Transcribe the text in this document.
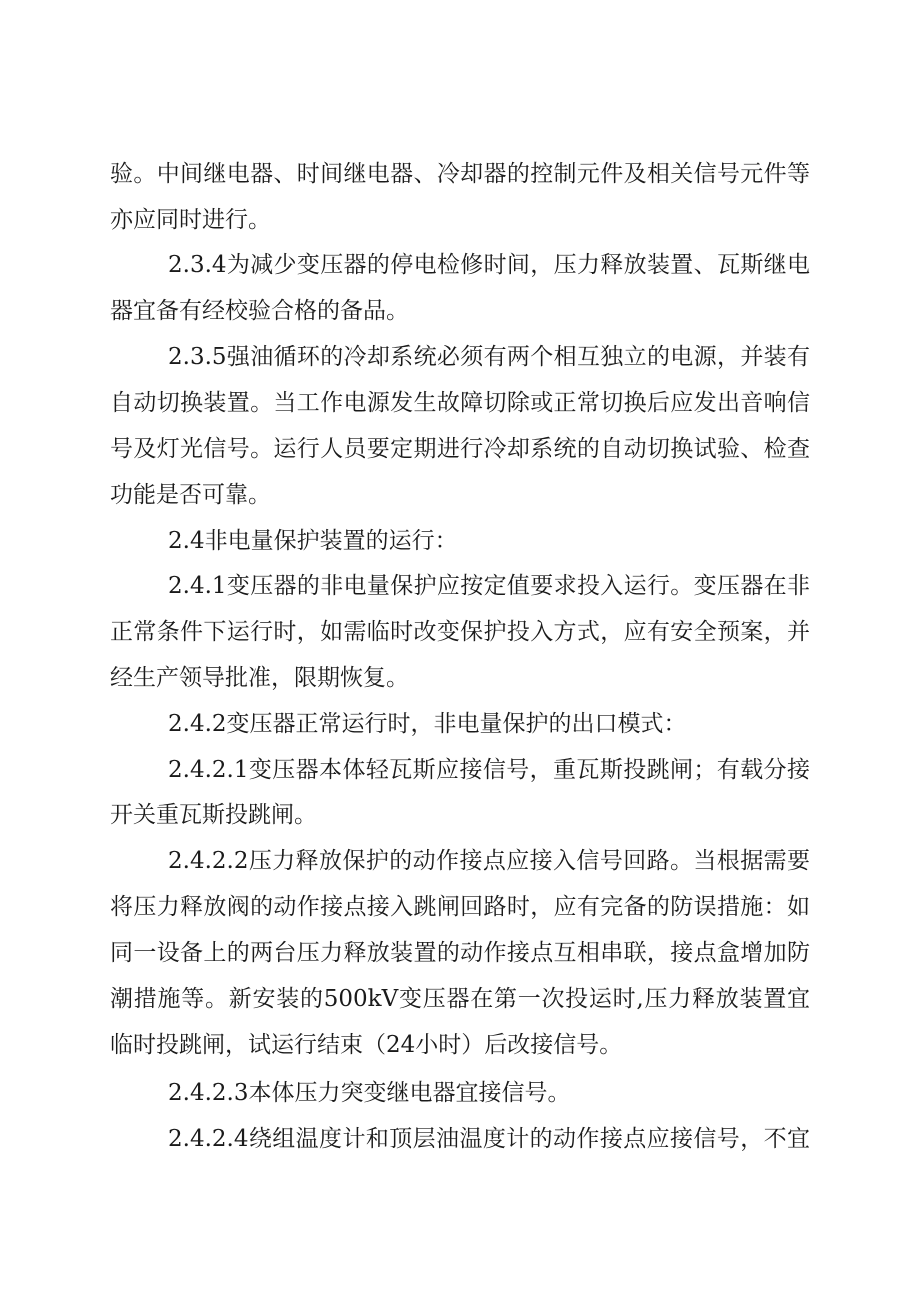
验。中间继电器、时间继电器、冷却器的控制元件及相关信号元件等

亦应同时进行。

2.3.4为减少变压器的停电检修时间，压力释放装置、瓦斯继电

器宜备有经校验合格的备品。

2.3.5强油循环的冷却系统必须有两个相互独立的电源，并装有

自动切换装置。当工作电源发生故障切除或正常切换后应发出音响信

号及灯光信号。运行人员要定期进行冷却系统的自动切换试验、检查

功能是否可靠。

2.4非电量保护装置的运行：

2.4.1变压器的非电量保护应按定值要求投入运行。变压器在非

正常条件下运行时，如需临时改变保护投入方式，应有安全预案，并

经生产领导批准，限期恢复。

2.4.2变压器正常运行时，非电量保护的出口模式：

2.4.2.1变压器本体轻瓦斯应接信号，重瓦斯投跳闸；有载分接

开关重瓦斯投跳闸。

2.4.2.2压力释放保护的动作接点应接入信号回路。当根据需要

将压力释放阀的动作接点接入跳闸回路时，应有完备的防误措施：如

同一设备上的两台压力释放装置的动作接点互相串联，接点盒增加防

潮措施等。新安装的500kV变压器在第一次投运时,压力释放装置宜

临时投跳闸，试运行结束（24小时）后改接信号。

2.4.2.3本体压力突变继电器宜接信号。

2.4.2.4绕组温度计和顶层油温度计的动作接点应接信号，不宜
